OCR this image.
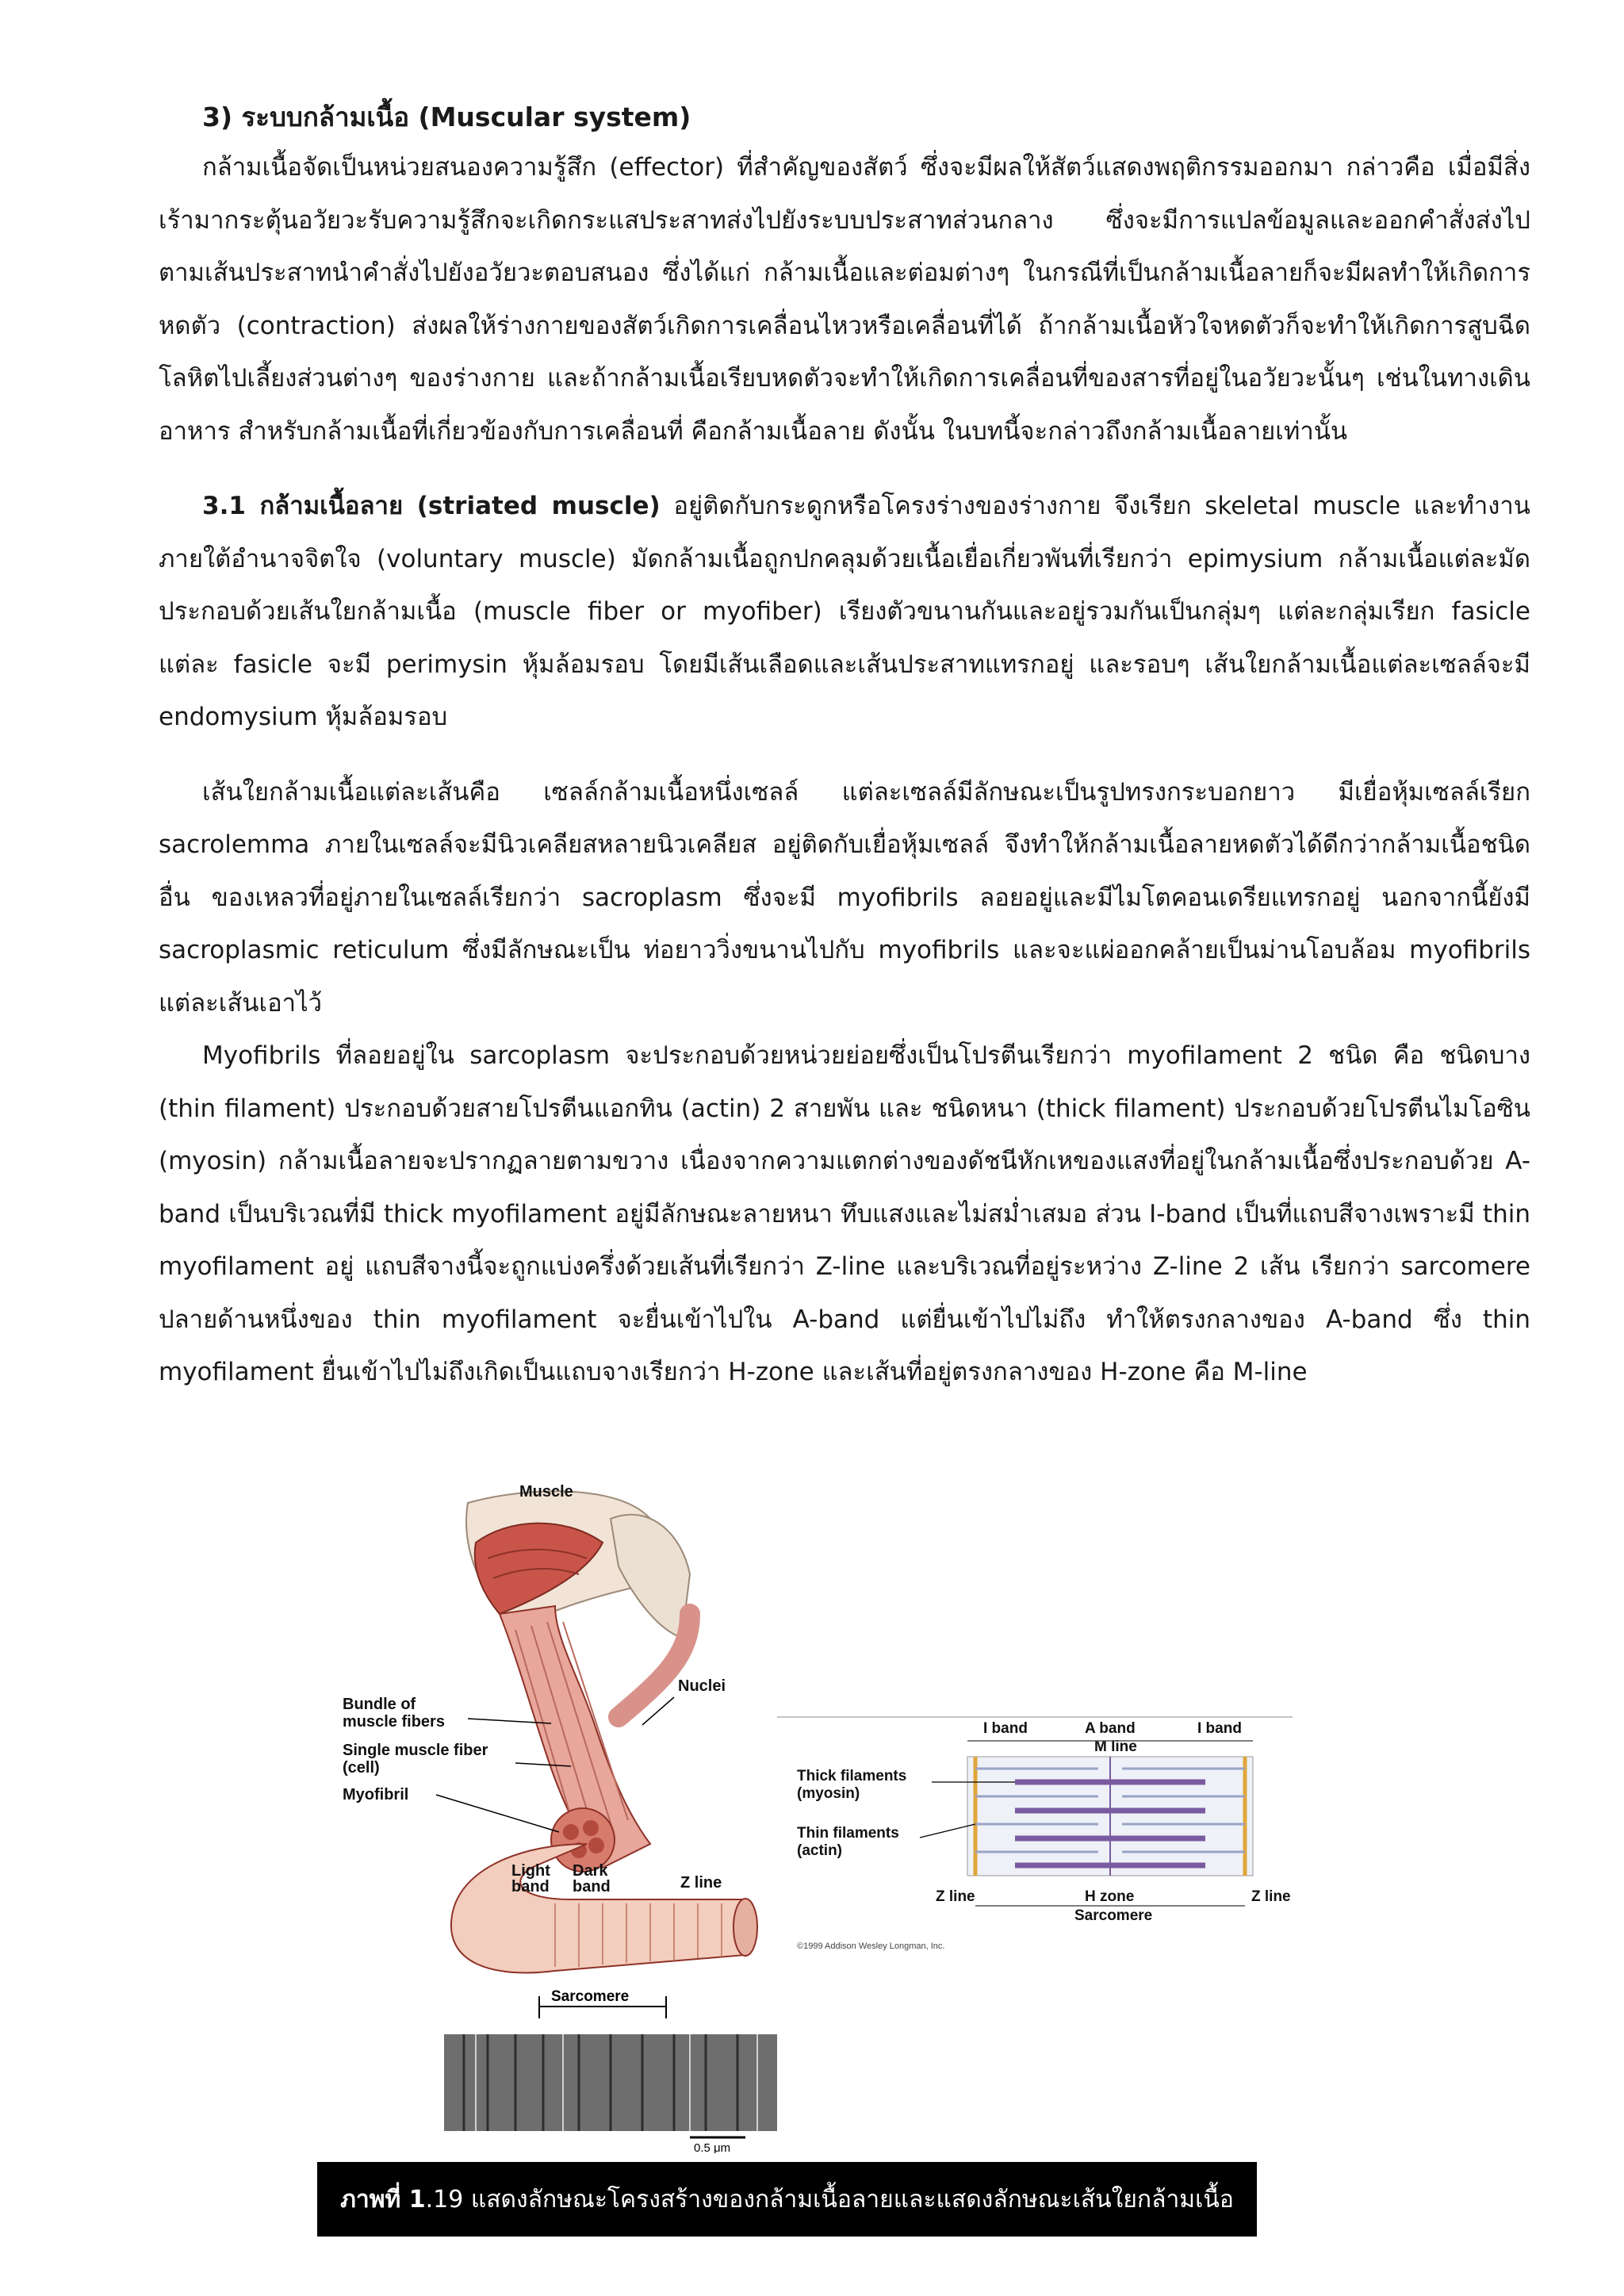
3) ระบบกล้ามเนื้อ (Muscular system)

กล้ามเนื้อจัดเป็นหน่วยสนองความรู้สึก (effector) ที่สำคัญของสัตว์ ซึ่งจะมีผลให้สัตว์แสดงพฤติกรรมออกมา กล่าวคือ เมื่อมีสิ่งเร้ามากระตุ้นอวัยวะรับความรู้สึกจะเกิดกระแสประสาทส่งไปยังระบบประสาทส่วนกลาง ซึ่งจะมีการแปลข้อมูลและออกคำสั่งส่งไปตามเส้นประสาทนำคำสั่งไปยังอวัยวะตอบสนอง ซึ่งได้แก่ กล้ามเนื้อและต่อมต่างๆ ในกรณีที่เป็นกล้ามเนื้อลายก็จะมีผลทำให้เกิดการหดตัว (contraction) ส่งผลให้ร่างกายของสัตว์เกิดการเคลื่อนไหวหรือเคลื่อนที่ได้ ถ้ากล้ามเนื้อหัวใจหดตัวก็จะทำให้เกิดการสูบฉีดโลหิตไปเลี้ยงส่วนต่างๆ ของร่างกาย และถ้ากล้ามเนื้อเรียบหดตัวจะทำให้เกิดการเคลื่อนที่ของสารที่อยู่ในอวัยวะนั้นๆ เช่นในทางเดินอาหาร สำหรับกล้ามเนื้อที่เกี่ยวข้องกับการเคลื่อนที่ คือกล้ามเนื้อลาย ดังนั้น ในบทนี้จะกล่าวถึงกล้ามเนื้อลายเท่านั้น

3.1 กล้ามเนื้อลาย (striated muscle) อยู่ติดกับกระดูกหรือโครงร่างของร่างกาย จึงเรียก skeletal muscle และทำงานภายใต้อำนาจจิตใจ (voluntary muscle) มัดกล้ามเนื้อถูกปกคลุมด้วยเนื้อเยื่อเกี่ยวพันที่เรียกว่า epimysium กล้ามเนื้อแต่ละมัดประกอบด้วยเส้นใยกล้ามเนื้อ (muscle fiber or myofiber) เรียงตัวขนานกันและอยู่รวมกันเป็นกลุ่มๆ แต่ละกลุ่มเรียก fasicle แต่ละ fasicle จะมี perimysin หุ้มล้อมรอบ โดยมีเส้นเลือดและเส้นประสาทแทรกอยู่ และรอบๆ เส้นใยกล้ามเนื้อแต่ละเซลล์จะมี endomysium หุ้มล้อมรอบ

เส้นใยกล้ามเนื้อแต่ละเส้นคือ เซลล์กล้ามเนื้อหนึ่งเซลล์ แต่ละเซลล์มีลักษณะเป็นรูปทรงกระบอกยาว มีเยื่อหุ้มเซลล์เรียก sacrolemma ภายในเซลล์จะมีนิวเคลียสหลายนิวเคลียส อยู่ติดกับเยื่อหุ้มเซลล์ จึงทำให้กล้ามเนื้อลายหดตัวได้ดีกว่ากล้ามเนื้อชนิดอื่น ของเหลวที่อยู่ภายในเซลล์เรียกว่า sacroplasm ซึ่งจะมี myofibrils ลอยอยู่และมีไมโตคอนเดรียแทรกอยู่ นอกจากนี้ยังมี sacroplasmic reticulum ซึ่งมีลักษณะเป็น ท่อยาววิ่งขนานไปกับ myofibrils และจะแผ่ออกคล้ายเป็นม่านโอบล้อม myofibrils แต่ละเส้นเอาไว้

Myofibrils ที่ลอยอยู่ใน sarcoplasm จะประกอบด้วยหน่วยย่อยซึ่งเป็นโปรตีนเรียกว่า myofilament 2 ชนิด คือ ชนิดบาง (thin filament) ประกอบด้วยสายโปรตีนแอกทิน (actin) 2 สายพัน และ ชนิดหนา (thick filament) ประกอบด้วยโปรตีนไมโอซิน (myosin) กล้ามเนื้อลายจะปรากฏลายตามขวาง เนื่องจากความแตกต่างของดัชนีหักเหของแสงที่อยู่ในกล้ามเนื้อซึ่งประกอบด้วย A-band เป็นบริเวณที่มี thick myofilament อยู่มีลักษณะลายหนา ทึบแสงและไม่สม่ำเสมอ ส่วน I-band เป็นที่แถบสีจางเพราะมี thin myofilament อยู่ แถบสีจางนี้จะถูกแบ่งครึ่งด้วยเส้นที่เรียกว่า Z-line และบริเวณที่อยู่ระหว่าง Z-line 2 เส้น เรียกว่า sarcomere ปลายด้านหนึ่งของ thin myofilament จะยื่นเข้าไปใน A-band แต่ยื่นเข้าไปไม่ถึง ทำให้ตรงกลางของ A-band ซึ่ง thin myofilament ยื่นเข้าไปไม่ถึงเกิดเป็นแถบจางเรียกว่า H-zone และเส้นที่อยู่ตรงกลางของ H-zone คือ M-line

0.5 μm
Sarcomere
Muscle
Nuclei
Bundle of
muscle fibers
Single muscle fiber
(cell)
Myofibril
Light
band
Dark
band	Z line
I band	A band	I band
M line
Thick filaments
(myosin)
Thin filaments
(actin)
Z line	H zone	Z line
Sarcomere
©1999 Addison Wesley Longman, Inc.
ภาพที่ 1.19 แสดงลักษณะโครงสร้างของกล้ามเนื้อลายและแสดงลักษณะเส้นใยกล้ามเนื้อ
